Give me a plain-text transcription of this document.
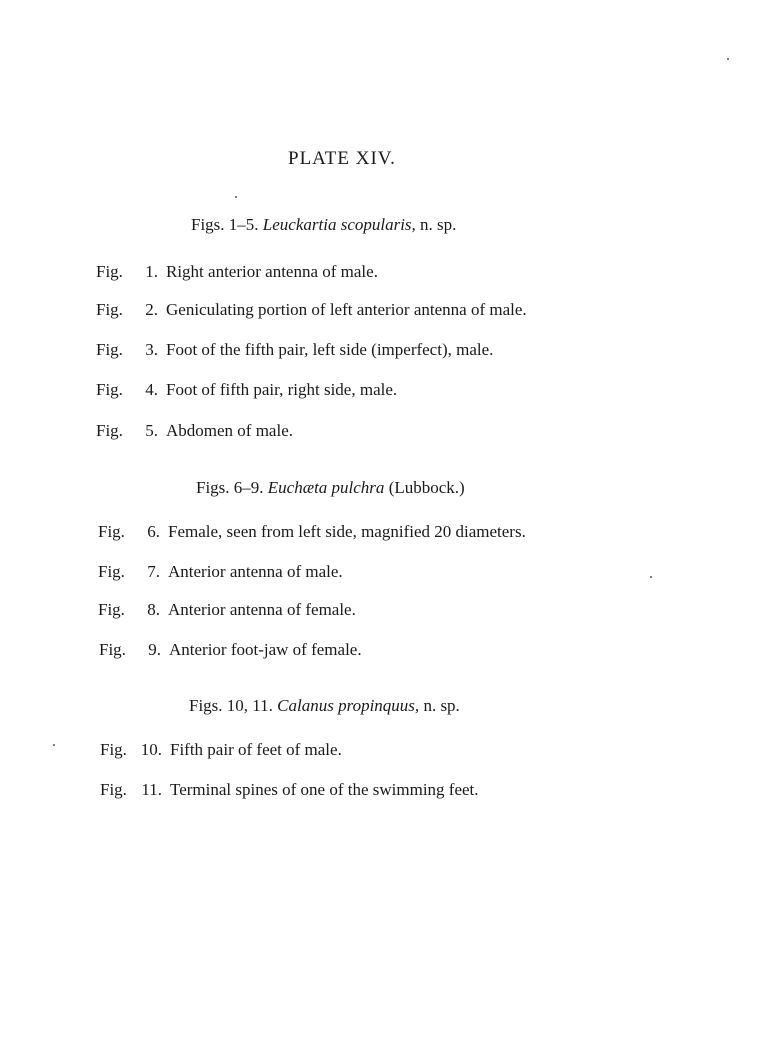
PLATE XIV.
Figs. 1–5. Leuckartia scopularis, n. sp.
Fig.	1. Right anterior antenna of male.
Fig.	2. Geniculating portion of left anterior antenna of male.
Fig.	3. Foot of the fifth pair, left side (imperfect), male.
Fig.	4. Foot of fifth pair, right side, male.
Fig.	5. Abdomen of male.
Figs. 6–9. Euchæta pulchra (Lubbock.)
Fig.	6. Female, seen from left side, magnified 20 diameters.
Fig.	7. Anterior antenna of male.
Fig.	8. Anterior antenna of female.
Fig.	9. Anterior foot-jaw of female.
Figs. 10, 11. Calanus propinquus, n. sp.
Fig. 10. Fifth pair of feet of male.
Fig. 11. Terminal spines of one of the swimming feet.
